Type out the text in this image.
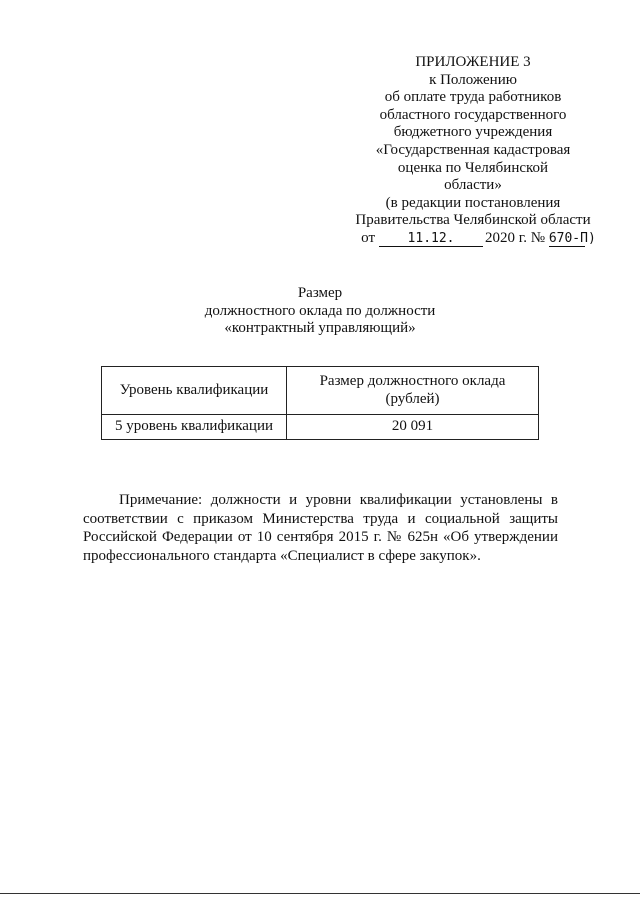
ПРИЛОЖЕНИЕ 3
к Положению
об оплате труда работников
областного государственного
бюджетного учреждения
«Государственная кадастровая
оценка по Челябинской
области»
(в редакции постановления
Правительства Челябинской области
от	11.12. 2020 г. № 670-П)
Размер
должностного оклада по должности
«контрактный управляющий»
Уровень квалификации	Размер должностного оклада (рублей)
5 уровень квалификации	20 091

Примечание: должности и уровни квалификации установлены в соответствии с приказом Министерства труда и социальной защиты Российской Федерации от 10 сентября 2015 г. № 625н «Об утверждении профессионального стандарта «Специалист в сфере закупок».
